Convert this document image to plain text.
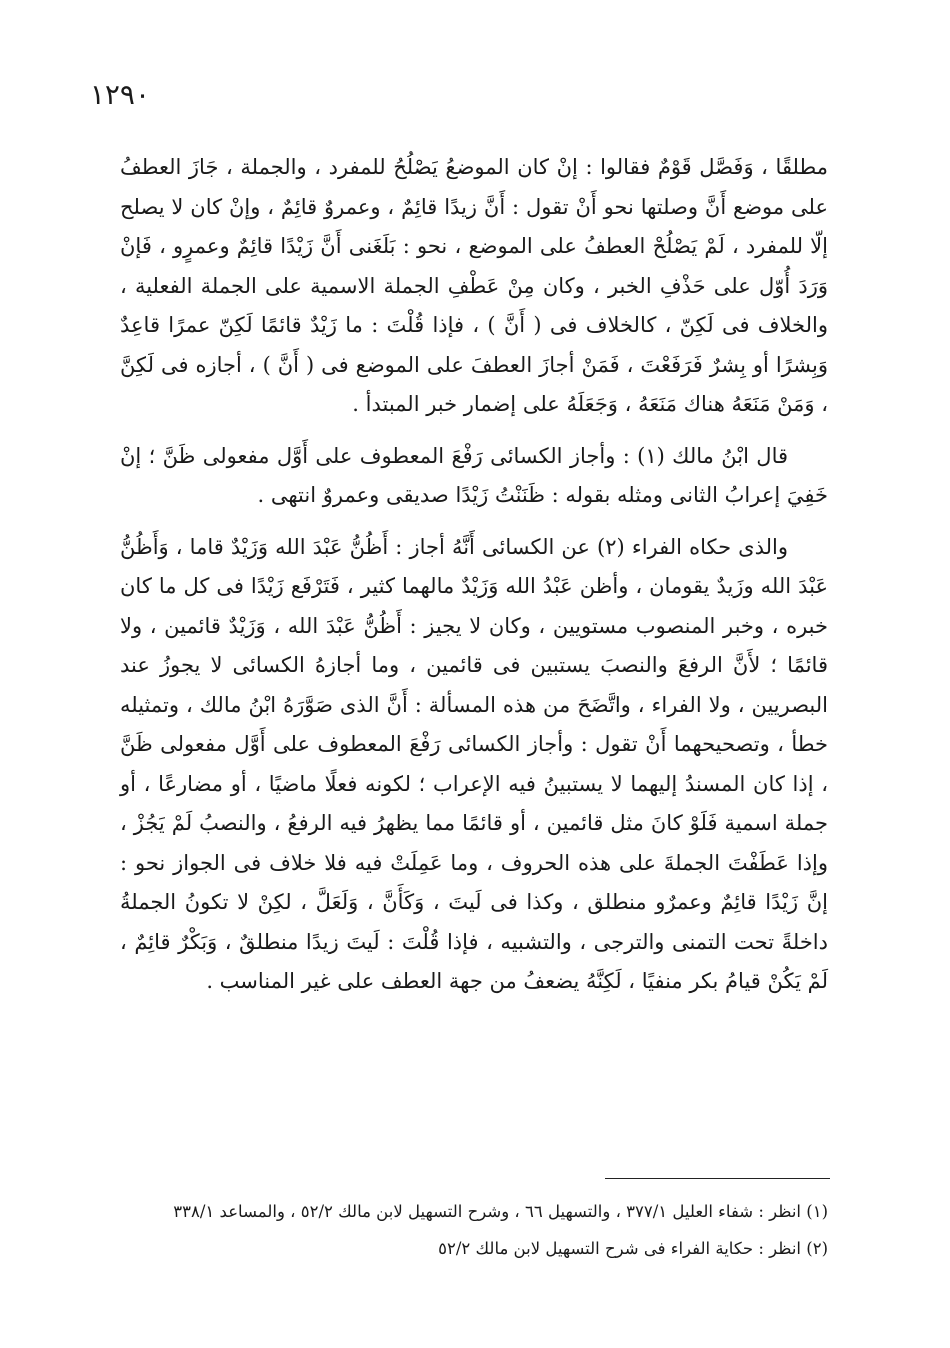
١٢٩٠

مطلقًا ، وَفَصَّل قَوْمٌ فقالوا : إنْ كان الموضعُ يَصْلُحُ للمفرد ، والجملة ، جَازَ العطفُ على موضع أَنَّ وصلتها نحو أَنْ تقول : أَنَّ زيدًا قائِمٌ ، وعمروٌ قائِمٌ ، وإنْ كان لا يصلح إلّا للمفرد ، لَمْ يَصْلُحْ العطفُ على الموضع ، نحو : بَلَغَنى أَنَّ زَيْدًا قائِمٌ وعمرٍو ، فَإنْ وَرَدَ أُوّل على حَذْفِ الخبر ، وكان مِنْ عَطْفِ الجملة الاسمية على الجملة الفعلية ، والخلاف فى لَكِنّ ، كالخلاف فى ( أَنَّ ) ، فإذا قُلْتَ : ما زَيْدٌ قائمًا لَكِنّ عمرًا قاعِدٌ وَبِشرًا أو بِشرٌ فَرَفَعْتَ ، فَمَنْ أجازَ العطفَ على الموضع فى ( أَنَّ ) ، أجازه فى لَكِنَّ ، وَمَنْ مَنَعَهُ هناك مَنَعَهُ ، وَجَعَلَهُ على إضمار خبر المبتدأ .

قال ابْنُ مالك (١) : وأجاز الكسائى رَفْعَ المعطوف على أَوَّل مفعولى ظَنَّ ؛ إنْ خَفِيَ إعرابُ الثانى ومثله بقوله : ظَنَنْتُ زَيْدًا صديقى وعمروٌ انتهى .

والذى حكاه الفراء (٢) عن الكسائى أَنَّهُ أجاز : أَظُنُّ عَبْدَ الله وَزَيْدٌ قاما ، وَأَظُنُّ عَبْدَ الله وزَيدٌ يقومان ، وأظن عَبْدُ الله وَزَيْدٌ مالهما كثير ، فَتَرْفَع زَيْدًا فى كل ما كان خبره ، وخبر المنصوب مستويين ، وكان لا يجيز : أَظُنُّ عَبْدَ الله ، وَزَيْدٌ قائمين ، ولا قائمًا ؛ لأَنَّ الرفعَ والنصبَ يستبين فى قائمين ، وما أجازهُ الكسائى لا يجوزُ عند البصريين ، ولا الفراء ، واتَّضَحَ من هذه المسألة : أَنَّ الذى صَوَّرَهُ ابْنُ مالك ، وتمثيله خطأ ، وتصحيحهما أَنْ تقول : وأجاز الكسائى رَفْعَ المعطوف على أَوَّل مفعولى ظَنَّ ، إذا كان المسندُ إليهما لا يستبينُ فيه الإعراب ؛ لكونه فعلًا ماضيًا ، أو مضارعًا ، أو جملة اسمية فَلَوْ كانَ مثل قائمين ، أو قائمًا مما يظهرُ فيه الرفعُ ، والنصبُ لَمْ يَجُزْ ، وإذا عَطَفْتَ الجملةَ على هذه الحروف ، وما عَمِلَتْ فيه فلا خلاف فى الجواز نحو : إنَّ زَيْدًا قائِمٌ وعمرٌو منطلق ، وكذا فى لَيتَ ، وَكَأَنَّ ، وَلَعَلَّ ، لكِنْ لا تكونُ الجملةُ داخلةً تحت التمنى والترجى ، والتشبيه ، فإذا قُلْتَ : لَيتَ زيدًا منطلقٌ ، وَبَكْرٌ قائِمٌ ، لَمْ يَكُنْ قيامُ بكر منفيًا ، لَكِنَّهُ يضعفُ من جهة العطف على غير المناسب .

(١) انظر : شفاء العليل ٣٧٧/١ ، والتسهيل ٦٦ ، وشرح التسهيل لابن مالك ٥٢/٢ ، والمساعد ٣٣٨/١

(٢) انظر : حكاية الفراء فى شرح التسهيل لابن مالك ٥٢/٢
